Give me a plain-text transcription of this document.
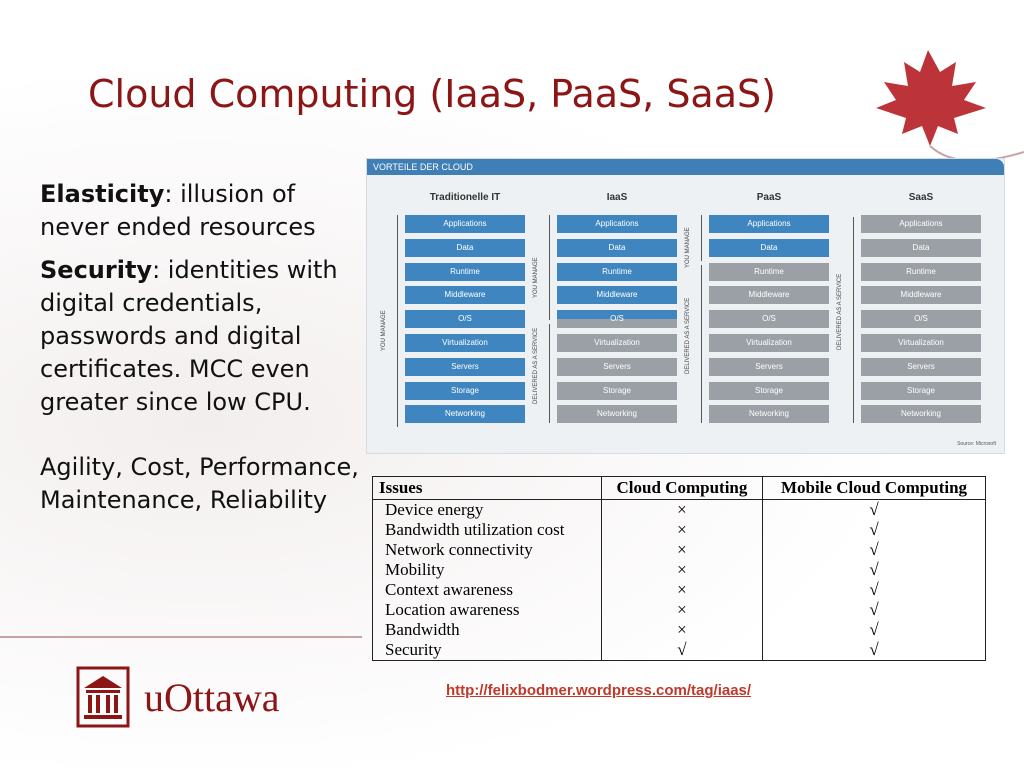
Cloud Computing (IaaS, PaaS, SaaS)

Elasticity: illusion of never ended resources

Security: identities with digital credentials, passwords and digital certificates. MCC even greater since low CPU.

Agility, Cost, Performance, Maintenance, Reliability

uOttawa
VORTEILE DER CLOUD
Source: Microsoft
Traditionelle IT
Applications
Data
Runtime
Middleware
O/S
Virtualization
Servers
Storage
Networking
YOU MANAGE
IaaS
Applications
Data
Runtime
Middleware
O/S
Virtualization
Servers
Storage
Networking
YOU MANAGE
DELIVERED AS A SERVICE
PaaS
Applications
Data
Runtime
Middleware
O/S
Virtualization
Servers
Storage
Networking
YOU MANAGE
DELIVERED AS A SERVICE
SaaS
Applications
Data
Runtime
Middleware
O/S
Virtualization
Servers
Storage
Networking
DELIVERED AS A SERVICE
Issues	Cloud Computing	Mobile Cloud Computing
Device energy	×	√
Bandwidth utilization cost	×	√
Network connectivity	×	√
Mobility	×	√
Context awareness	×	√
Location awareness	×	√
Bandwidth	×	√
Security	√	√
http://felixbodmer.wordpress.com/tag/iaas/
